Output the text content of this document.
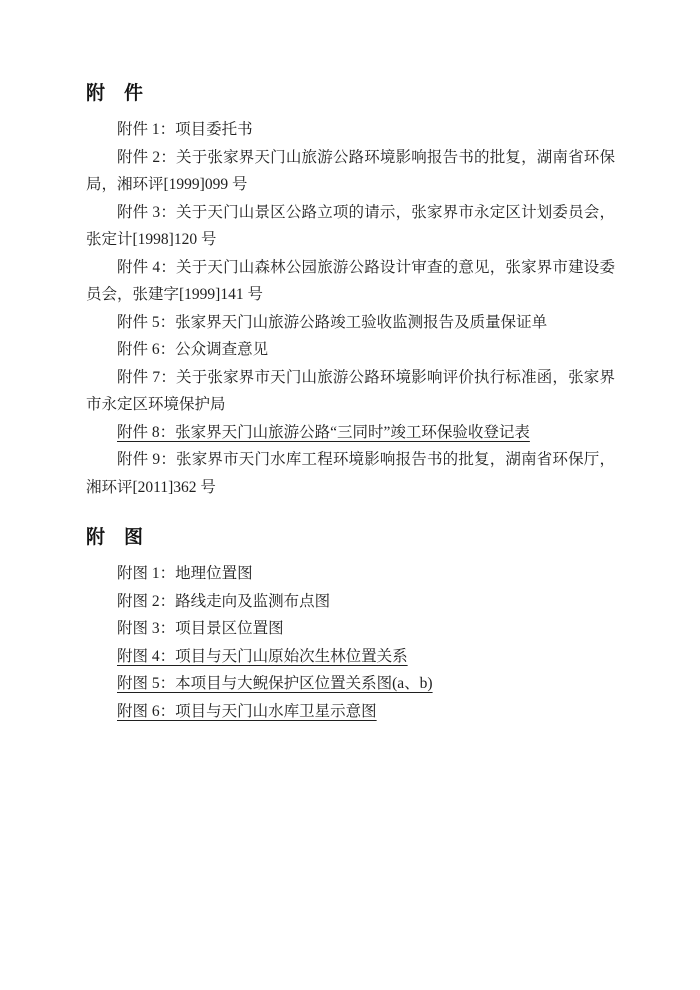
附　件

附件 1：项目委托书

附件 2：关于张家界天门山旅游公路环境影响报告书的批复，湖南省环保局，湘环评[1999]099 号

附件 3：关于天门山景区公路立项的请示，张家界市永定区计划委员会，张定计[1998]120 号

附件 4：关于天门山森林公园旅游公路设计审查的意见，张家界市建设委员会，张建字[1999]141 号

附件 5：张家界天门山旅游公路竣工验收监测报告及质量保证单

附件 6：公众调查意见

附件 7：关于张家界市天门山旅游公路环境影响评价执行标准函，张家界市永定区环境保护局

附件 8：张家界天门山旅游公路“三同时”竣工环保验收登记表

附件 9：张家界市天门水库工程环境影响报告书的批复，湖南省环保厅，湘环评[2011]362 号

附　图

附图 1：地理位置图

附图 2：路线走向及监测布点图

附图 3：项目景区位置图

附图 4：项目与天门山原始次生林位置关系

附图 5：本项目与大鲵保护区位置关系图(a、b)

附图 6：项目与天门山水库卫星示意图
